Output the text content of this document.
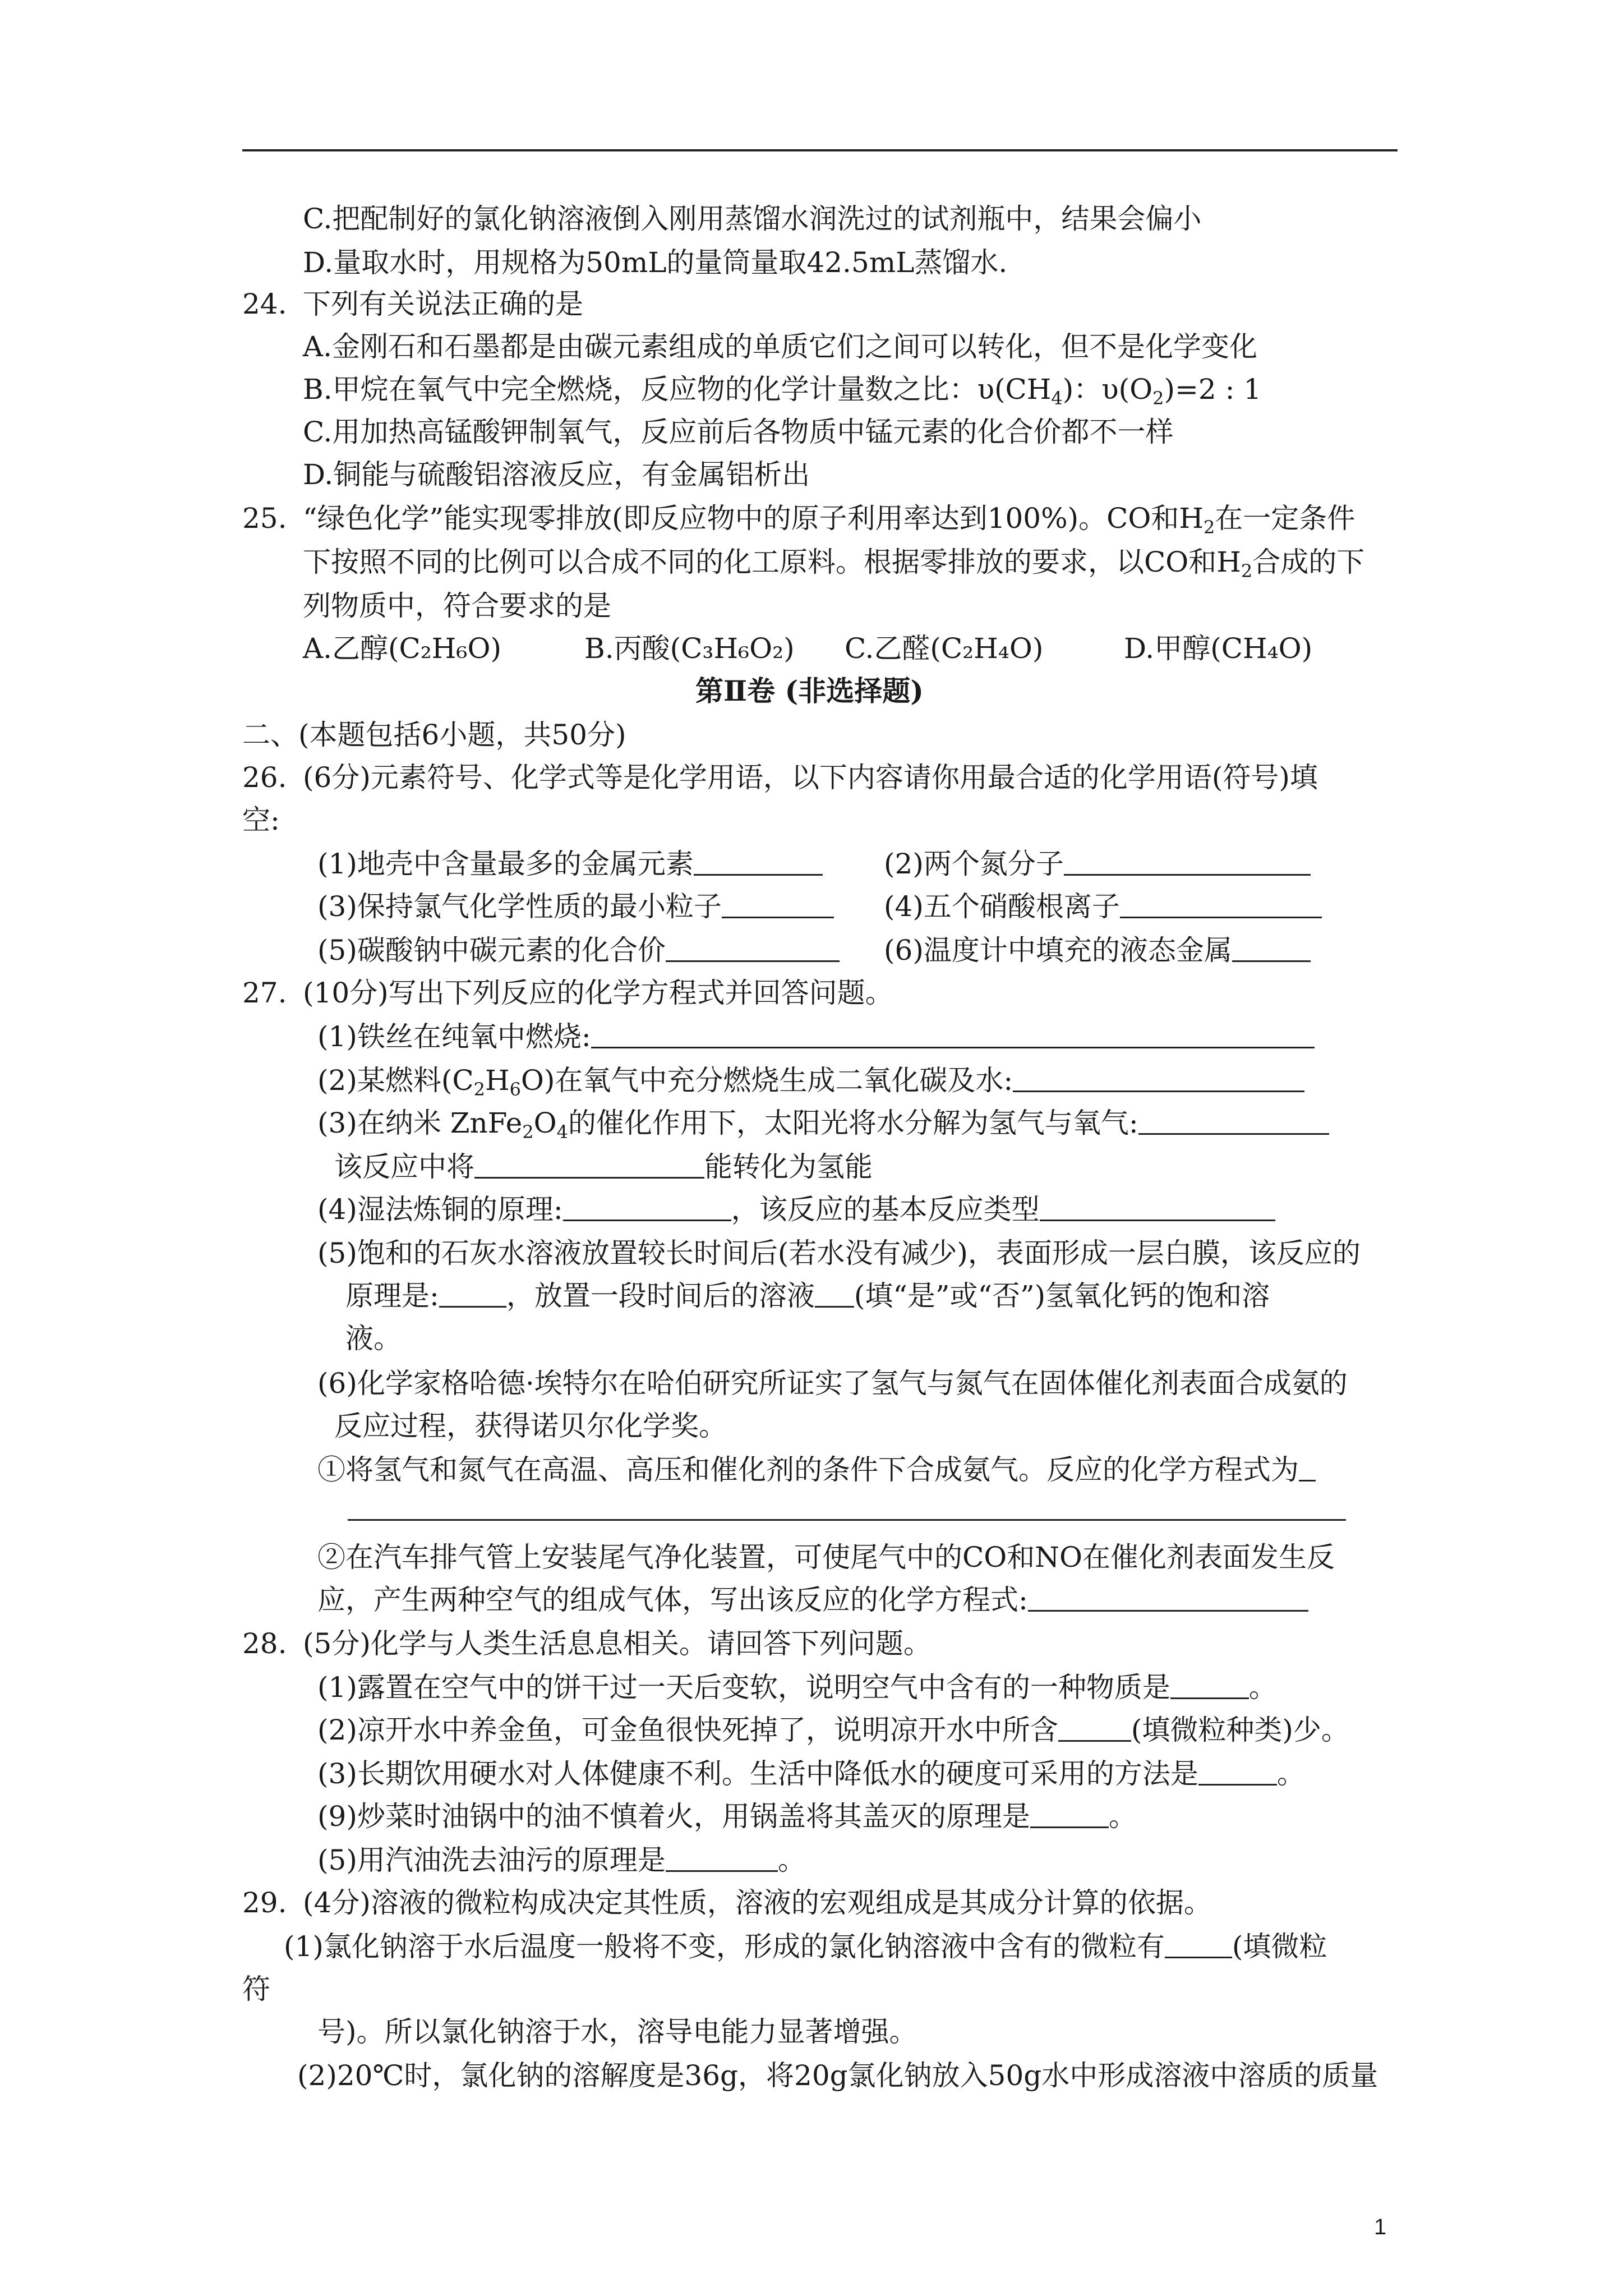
C.把配制好的氯化钠溶液倒入刚用蒸馏水润洗过的试剂瓶中，结果会偏小
D.量取水时，用规格为50mL的量筒量取42.5mL蒸馏水.
24. 下列有关说法正确的是
A.金刚石和石墨都是由碳元素组成的单质它们之间可以转化，但不是化学变化
B.甲烷在氧气中完全燃烧，反应物的化学计量数之比：$\upsilon(CH_4)$：$\upsilon(O_2)=2$ : 1
C.用加热高锰酸钾制氧气，反应前后各物质中锰元素的化合价都不一样
D.铜能与硫酸铝溶液反应，有金属铝析出
25. “绿色化学”能实现零排放(即反应物中的原子利用率达到100%)。CO和$H_2$在一定条件
下按照不同的比例可以合成不同的化工原料。根据零排放的要求，以CO和$H_2$合成的下
列物质中，符合要求的是
A.乙醇(C₂H₆O)	B.丙酸(C₃H₆O₂) C.乙醛(C₂H₄O)	D.甲醇(CH₄O)
第Ⅱ卷 (非选择题)
二、(本题包括6小题，共50分)
26. (6分)元素符号、化学式等是化学用语，以下内容请你用最合适的化学用语(符号)填
空:
(1)地壳中含量最多的金属元素	(2)两个氮分子
(3)保持氯气化学性质的最小粒子	(4)五个硝酸根离子
(5)碳酸钠中碳元素的化合价	(6)温度计中填充的液态金属
27. (10分)写出下列反应的化学方程式并回答问题。
(1)铁丝在纯氧中燃烧:
(2)某燃料$(C_2H_6O)$在氧气中充分燃烧生成二氧化碳及水:
(3)在纳米 $ZnFe_2O_4$的催化作用下，太阳光将水分解为氢气与氧气:
该反应中将	能转化为氢能
(4)湿法炼铜的原理:	，该反应的基本反应类型
(5)饱和的石灰水溶液放置较长时间后(若水没有减少)，表面形成一层白膜，该反应的
原理是: ，放置一段时间后的溶液 (填“是”或“否”)氢氧化钙的饱和溶
液。
(6)化学家格哈德·埃特尔在哈伯研究所证实了氢气与氮气在固体催化剂表面合成氨的
反应过程，获得诺贝尔化学奖。
①将氢气和氮气在高温、高压和催化剂的条件下合成氨气。反应的化学方程式为
②在汽车排气管上安装尾气净化装置，可使尾气中的CO和NO在催化剂表面发生反
应，产生两种空气的组成气体，写出该反应的化学方程式:
28. (5分)化学与人类生活息息相关。请回答下列问题。
(1)露置在空气中的饼干过一天后变软，说明空气中含有的一种物质是	。
(2)凉开水中养金鱼，可金鱼很快死掉了，说明凉开水中所含	(填微粒种类)少。
(3)长期饮用硬水对人体健康不利。生活中降低水的硬度可采用的方法是	。
(9)炒菜时油锅中的油不慎着火，用锅盖将其盖灭的原理是	。
(5)用汽油洗去油污的原理是	。
29. (4分)溶液的微粒构成决定其性质，溶液的宏观组成是其成分计算的依据。
(1)氯化钠溶于水后温度一般将不变，形成的氯化钠溶液中含有的微粒有 (填微粒
符
号)。所以氯化钠溶于水，溶导电能力显著增强。
(2)20℃时，氯化钠的溶解度是36g，将20g氯化钠放入50g水中形成溶液中溶质的质量
1
